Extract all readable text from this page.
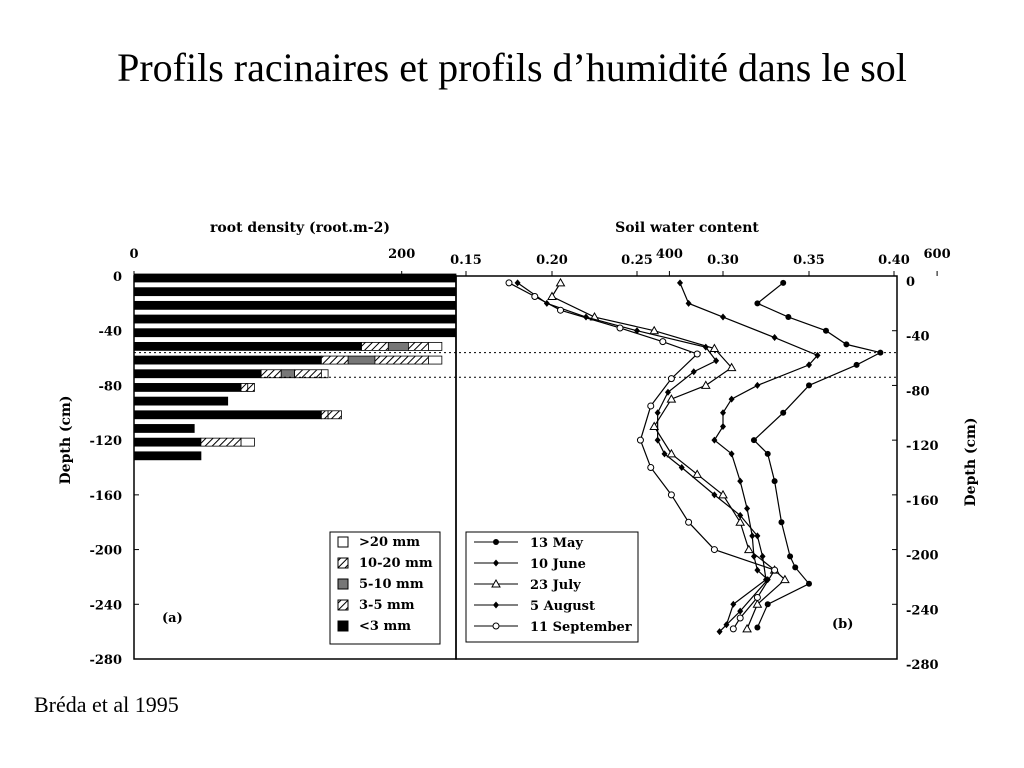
Profils racinaires et profils d’humidité dans le sol
root density (root.m-2)
0	200	400	600
0
-40
-80
-120
-160
-200
-240
-280
Depth (cm)
>20 mm
10-20 mm
5-10 mm
3-5 mm
<3 mm
(a)
Soil water content
0.15	0.20	0.25	0.30	0.35	0.40
0
-40
-80
-120
-160
-200
-240
-280
Depth (cm)
13 May
10 June
23 July
5 August
11 September	(b)
Bréda et al 1995
